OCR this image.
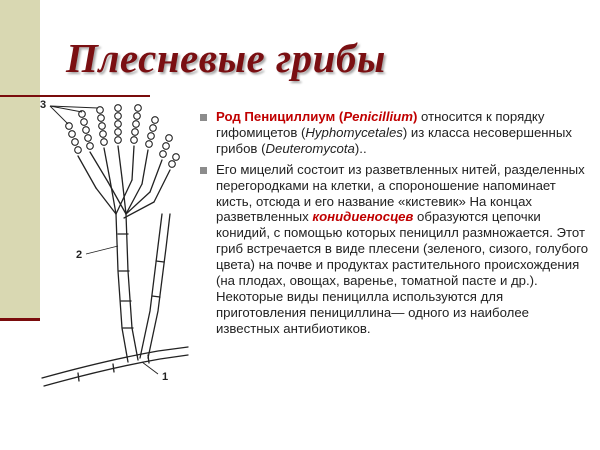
Плесневые грибы
3
2
1
Род Пенициллиум (Penicillium) относится к порядку гифомицетов (Hyphomycetales) из класса несовершенных грибов (Deuteromycota)..
Его мицелий состоит из разветвленных нитей, разделенных перегородками на клетки, а спороношение напоминает кисть, отсюда и его название «кистевик» На концах разветвленных конидиеносцев образуются цепочки конидий, с помощью которых пеницилл размножается. Этот гриб встречается в виде плесени (зеленого, сизого, голубого цвета) на почве и продуктах растительного происхождения (на плодах, овощах, варенье, томатной пасте и др.). Некоторые виды пеницилла используются для приготовления пенициллина— одного из наиболее известных антибиотиков.
